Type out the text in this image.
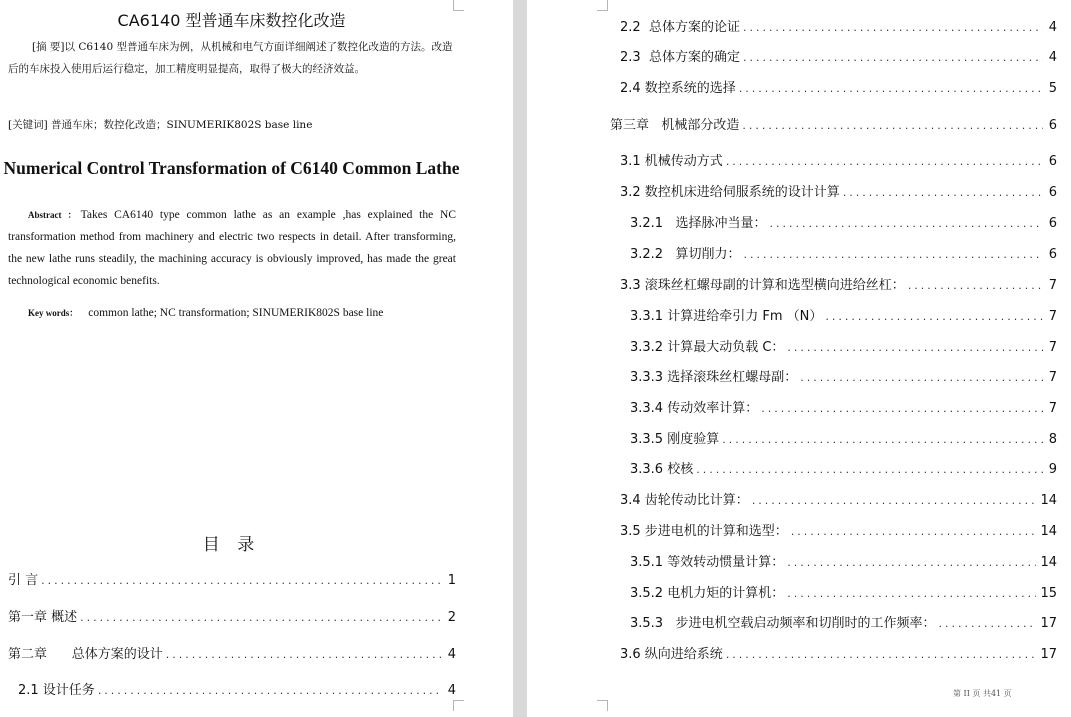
CA6140 型普通车床数控化改造
[摘 要]以 C6140 型普通车床为例，从机械和电气方面详细阐述了数控化改造的方法。改造后的车床投入使用后运行稳定，加工精度明显提高，取得了极大的经济效益。
[关键词] 普通车床；数控化改造；SINUMERIK802S base line
Numerical Control Transformation of C6140 Common Lathe
Abstract ：Takes CA6140 type common lathe as an example ,has explained the NC transformation method from machinery and electric two respects in detail. After transforming, the new lathe runs steadily, the machining accuracy is obviously improved, has made the great technological economic benefits.
Key words： common lathe; NC transformation; SINUMERIK802S base line
目 录
引 言 .....	1
第一章 概述 .....	2
第二章      总体方案的设计 .....	4
2.1 设计任务 .....	4
2.2  总体方案的论证 .....	4
2.3  总体方案的确定 .....	4
2.4 数控系统的选择 .....	5
第三章   机械部分改造 .....	6
3.1 机械传动方式 .....	6
3.2 数控机床进给伺服系统的设计计算 .....	6
3.2.1   选择脉冲当量： .....	6
3.2.2   算切削力： .....	6
3.3 滚珠丝杠螺母副的计算和选型横向进给丝杠： .....	7
3.3.1 计算进给牵引力 Fm （N） .....	7
3.3.2 计算最大动负载 C： .....	7
3.3.3 选择滚珠丝杠螺母副： .....	7
3.3.4 传动效率计算： .....	7
3.3.5 刚度验算 .....	8
3.3.6 校核 .....	9
3.4 齿轮传动比计算： .....	14
3.5 步进电机的计算和选型： .....	14
3.5.1 等效转动惯量计算： .....	14
3.5.2 电机力矩的计算机： .....	15
3.5.3   步进电机空载启动频率和切削时的工作频率： .....	17
3.6 纵向进给系统 .....	17
第 II 页 共41 页
